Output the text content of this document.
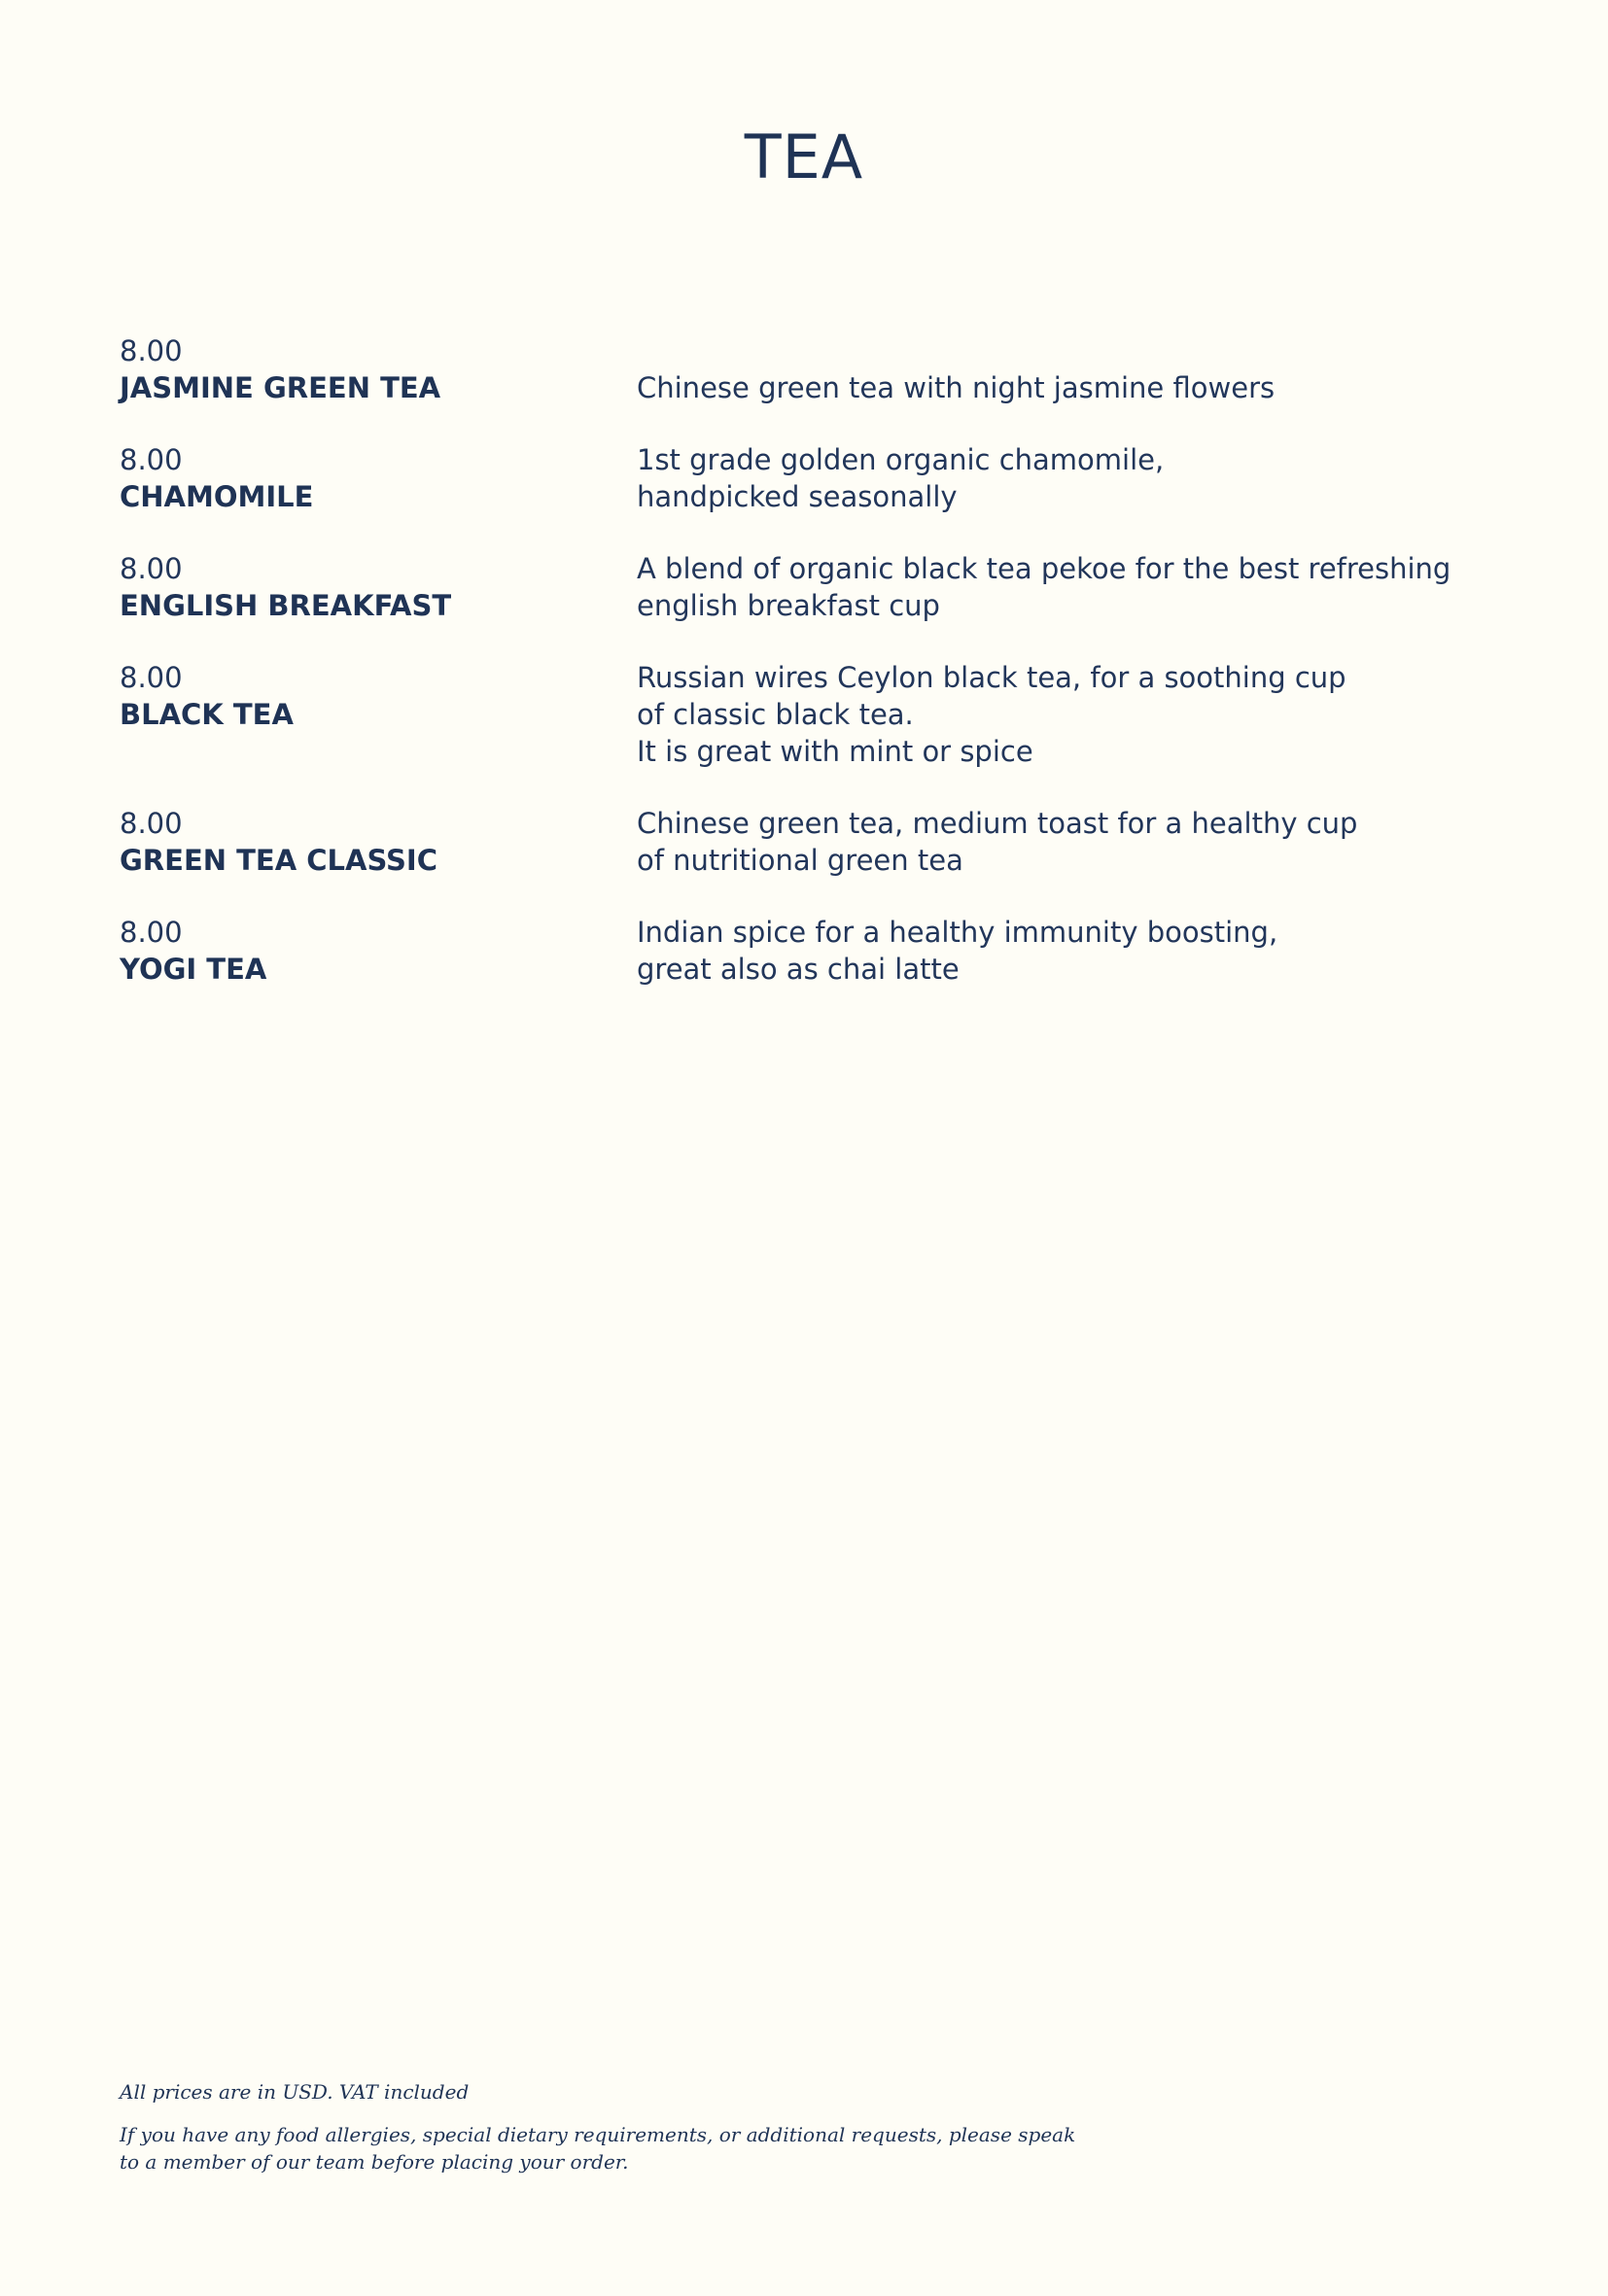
TEA
8.00
JASMINE GREEN TEA	Chinese green tea with night jasmine flowers
8.00
CHAMOMILE
1st grade golden organic chamomile,
handpicked seasonally
8.00
ENGLISH BREAKFAST
A blend of organic black tea pekoe for the best refreshing
english breakfast cup
8.00
BLACK TEA
Russian wires Ceylon black tea, for a soothing cup
of classic black tea.
It is great with mint or spice
8.00
GREEN TEA CLASSIC
Chinese green tea, medium toast for a healthy cup
of nutritional green tea
8.00
YOGI TEA
Indian spice for a healthy immunity boosting,
great also as chai latte

All prices are in USD. VAT included

If you have any food allergies, special dietary requirements, or additional requests, please speak to a member of our team before placing your order.
